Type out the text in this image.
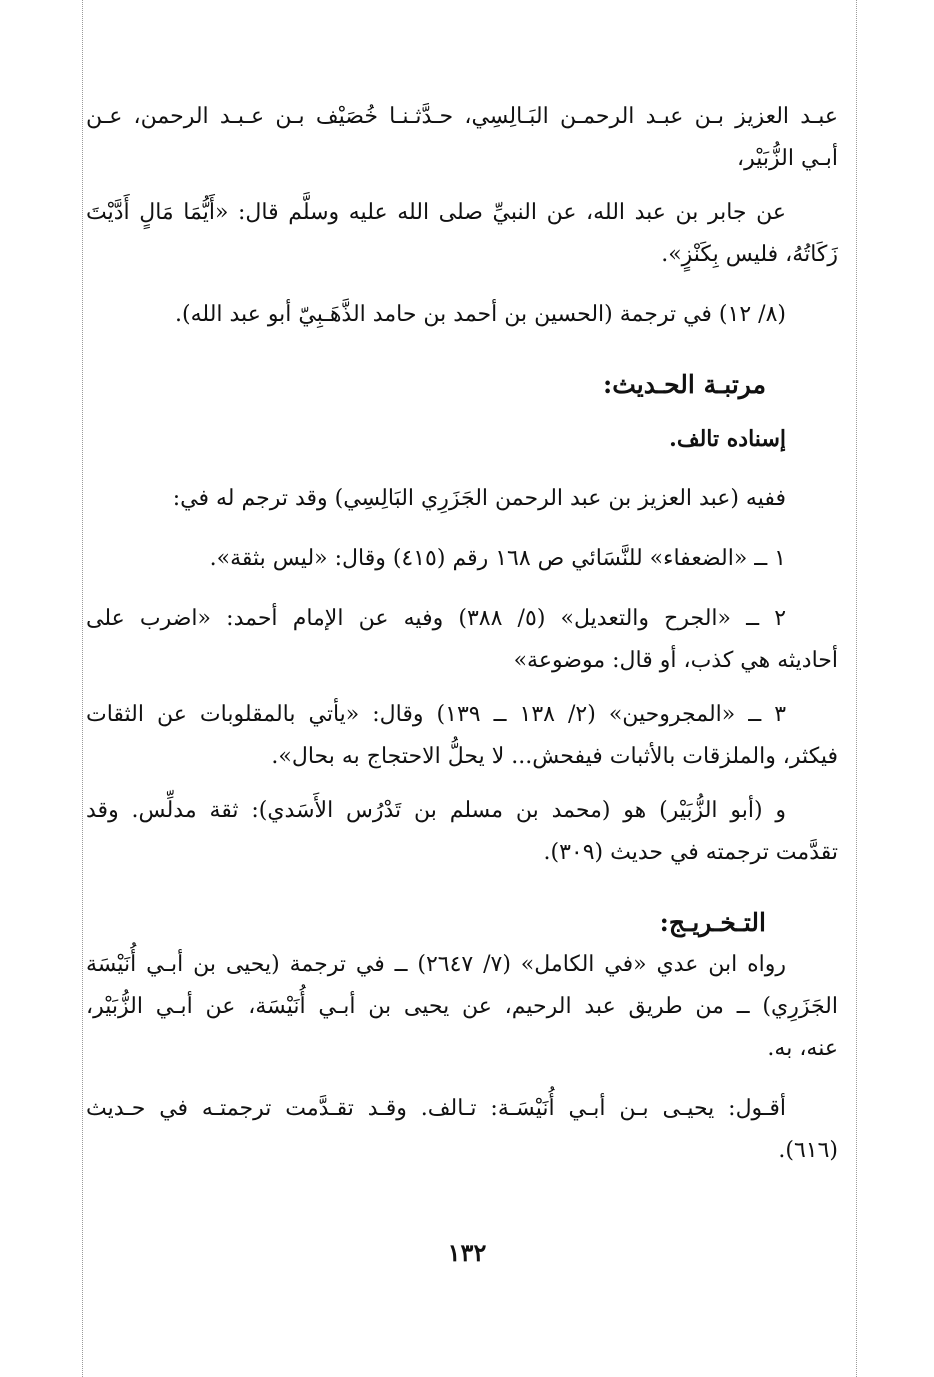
عبـد العزيز بـن عبـد الرحمـن البَـالِسِي، حـدَّثـنـا خُصَيْف بـن عـبـد الرحمن، عـن
أبـي الزُّبَيْر،
عن جابر بن عبد الله، عن النبيِّ صلى الله عليه وسلَّم قال: «أَيُّمَا مَالٍ أَدَّيْتَ
زَكَاتُهُ، فليس بِكَنْزٍ».
(٨/ ١٢) في ترجمة (الحسين بن أحمد بن حامد الذَّهَـبِيّ أبو عبد الله).
مرتبـة الحـديث:
إسناده تالف.
ففيه (عبد العزيز بن عبد الرحمن الجَزَرِي البَالِسِي) وقد ترجم له في:
١ ــ «الضعفاء» للنَّسَائي ص ١٦٨ رقم (٤١٥) وقال: «ليس بثقة».
٢ ــ «الجرح والتعديل» (٥/ ٣٨٨) وفيه عن الإمام أحمد: «اضرب على
أحاديثه هي كذب، أو قال: موضوعة»
٣ ــ «المجروحين» (٢/ ١٣٨ ــ ١٣٩) وقال: «يأتي بالمقلوبات عن الثقات
فيكثر، والملزقات بالأثبات فيفحش... لا يحلُّ الاحتجاج به بحال».
و (أبو الزُّبَيْر) هو (محمد بن مسلم بن تَدْرُس الأَسَدي): ثقة مدلِّس. وقد
تقدَّمت ترجمته في حديث (٣٠٩).
التـخـريـج:
رواه ابن عدي «في الكامل» (٧/ ٢٦٤٧) ــ في ترجمة (يحيى بن أبـي أُنَيْسَة
الجَزَرِي) ــ من طريق عبد الرحيم، عن يحيى بن أبـي أُنَيْسَة، عن أبـي الزُّبَيْر،
عنه، به.
أقـول: يحيـى بـن أبـي أُنَيْسَـة: تـالف. وقـد تقـدَّمت ترجمتـه في حـديث
(٦١٦).
١٣٢
